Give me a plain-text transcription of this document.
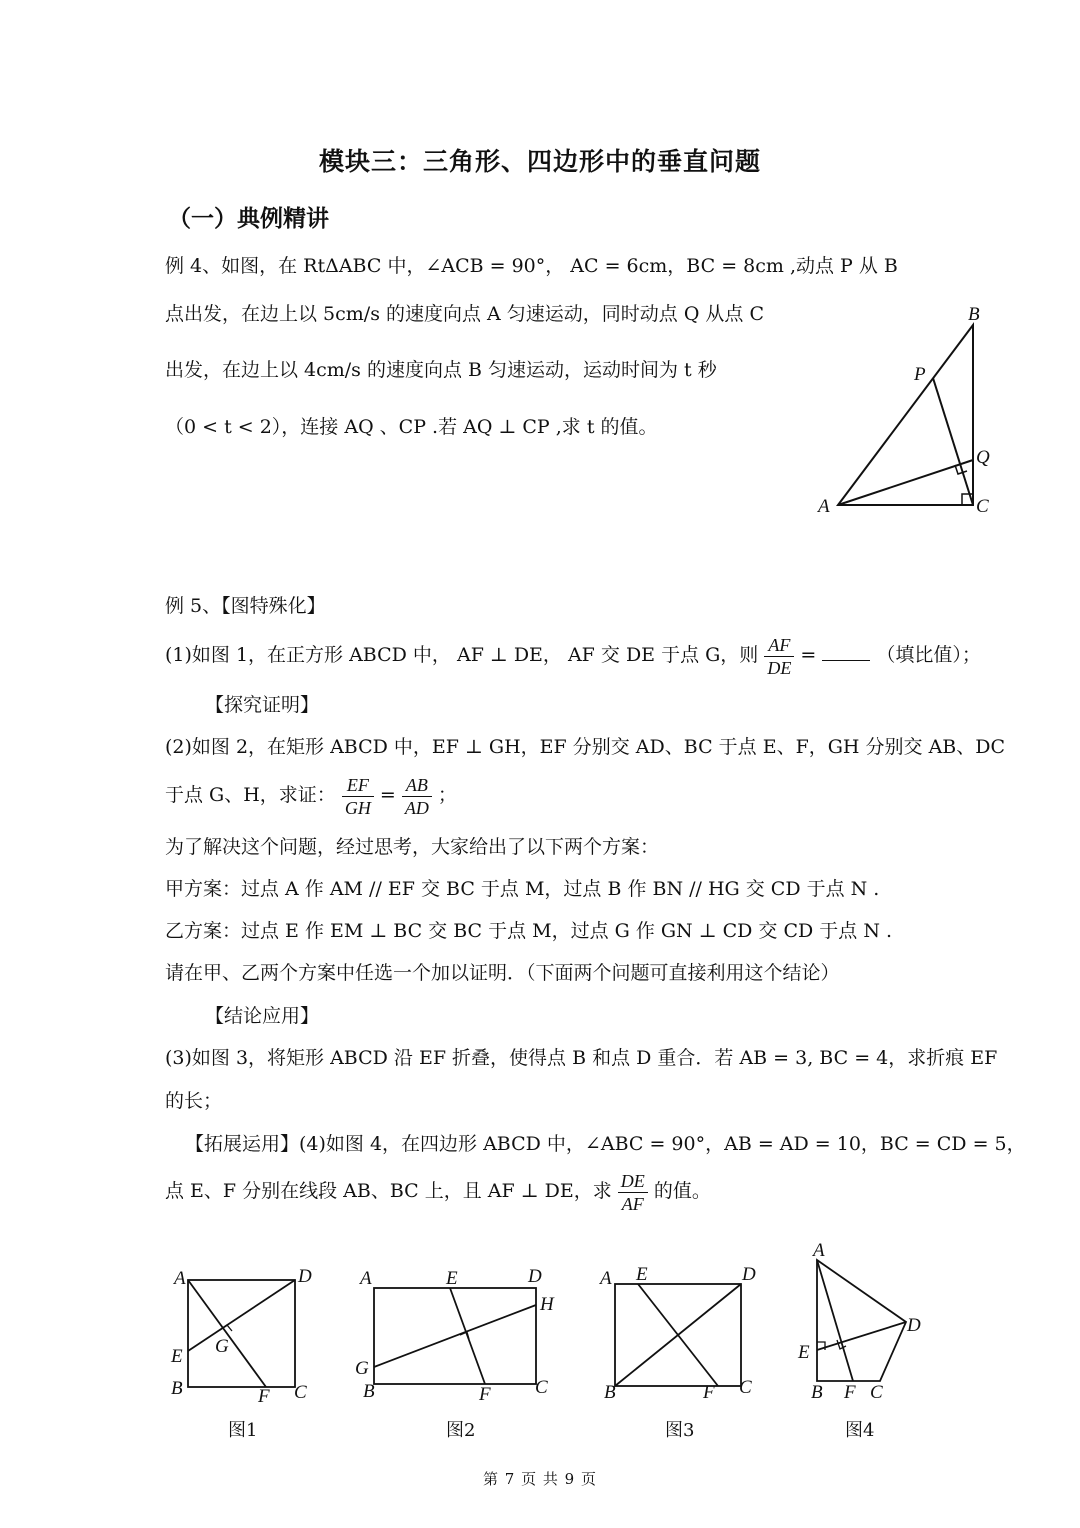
模块三：三角形、四边形中的垂直问题
（一）典例精讲
例 4、如图，在 RtΔABC 中，∠ACB = 90°， AC = 6cm，BC = 8cm ,动点 P 从 B
点出发，在边上以 5cm/s 的速度向点 A 匀速运动，同时动点 Q 从点 C
出发，在边上以 4cm/s 的速度向点 B 匀速运动，运动时间为 t 秒
（0 < t < 2），连接 AQ 、CP .若 AQ ⊥ CP ,求 t 的值。
A	C
B
P
Q
例 5、【图特殊化】
(1)如图 1，在正方形 ABCD 中， AF ⊥ DE， AF 交 DE 于点 G，则 $\frac{AF}{DE}$ =	（填比值）；
【探究证明】
(2)如图 2，在矩形 ABCD 中，EF ⊥ GH，EF 分别交 AD、BC 于点 E、F，GH 分别交 AB、DC
于点 G、H，求证： $\frac{EF}{GH} = \frac{AB}{AD}$ ；
为了解决这个问题，经过思考，大家给出了以下两个方案：
甲方案：过点 A 作 AM // EF 交 BC 于点 M，过点 B 作 BN // HG 交 CD 于点 N .
乙方案：过点 E 作 EM ⊥ BC 交 BC 于点 M，过点 G 作 GN ⊥ CD 交 CD 于点 N .
请在甲、乙两个方案中任选一个加以证明．（下面两个问题可直接利用这个结论）
【结论应用】
(3)如图 3，将矩形 ABCD 沿 EF 折叠，使得点 B 和点 D 重合．若 AB = 3, BC = 4，求折痕 EF
的长；
【拓展运用】(4)如图 4，在四边形 ABCD 中，∠ABC = 90°，AB = AD = 10，BC = CD = 5，
点 E、F 分别在线段 AB、BC 上，且 AF ⊥ DE，求 $\frac{DE}{AF}$ 的值。
A	D
E G
B	F C
图1
A	E	D
H
G
B	F C
图2
A E	D
B	F C
图3
A
D
E
B F C
图4
第 7 页 共 9 页
